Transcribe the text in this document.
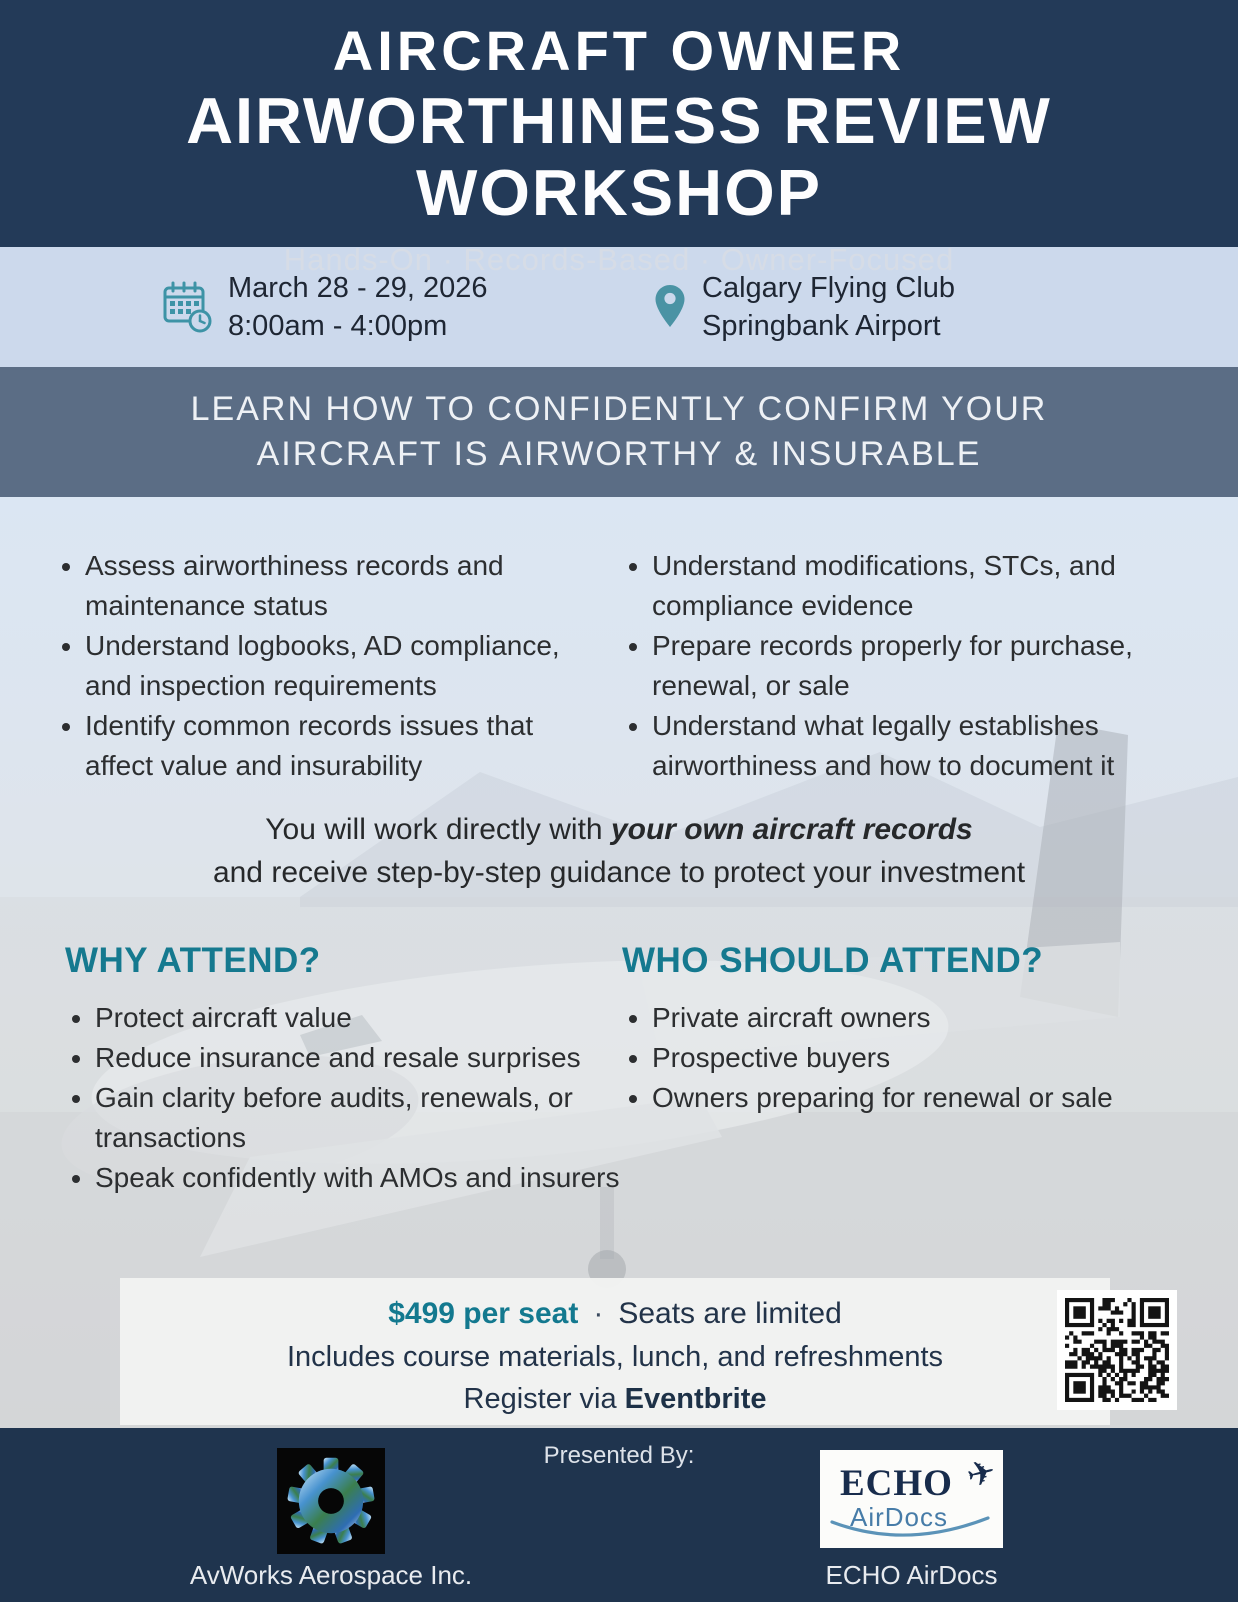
AIRCRAFT OWNER
AIRWORTHINESS REVIEW WORKSHOP
Hands-On · Records-Based · Owner-Focused
March 28 - 29, 2026
8:00am - 4:00pm
Calgary Flying Club
Springbank Airport
LEARN HOW TO CONFIDENTLY CONFIRM YOUR
AIRCRAFT IS AIRWORTHY & INSURABLE
• Assess airworthiness records and maintenance status
• Understand logbooks, AD compliance, and inspection requirements
• Identify common records issues that affect value and insurability
• Understand modifications, STCs, and compliance evidence
• Prepare records properly for purchase, renewal, or sale
• Understand what legally establishes airworthiness and how to document it
You will work directly with your own aircraft records
and receive step-by-step guidance to protect your investment
WHY ATTEND?
• Protect aircraft value
• Reduce insurance and resale surprises
• Gain clarity before audits, renewals, or transactions
• Speak confidently with AMOs and insurers
WHO SHOULD ATTEND?
• Private aircraft owners
• Prospective buyers
• Owners preparing for renewal or sale
$499 per seat · Seats are limited
Includes course materials, lunch, and refreshments
Register via Eventbrite
Presented By:
AvWorks Aerospace Inc.
ECHO ✈
AirDocs
ECHO AirDocs
